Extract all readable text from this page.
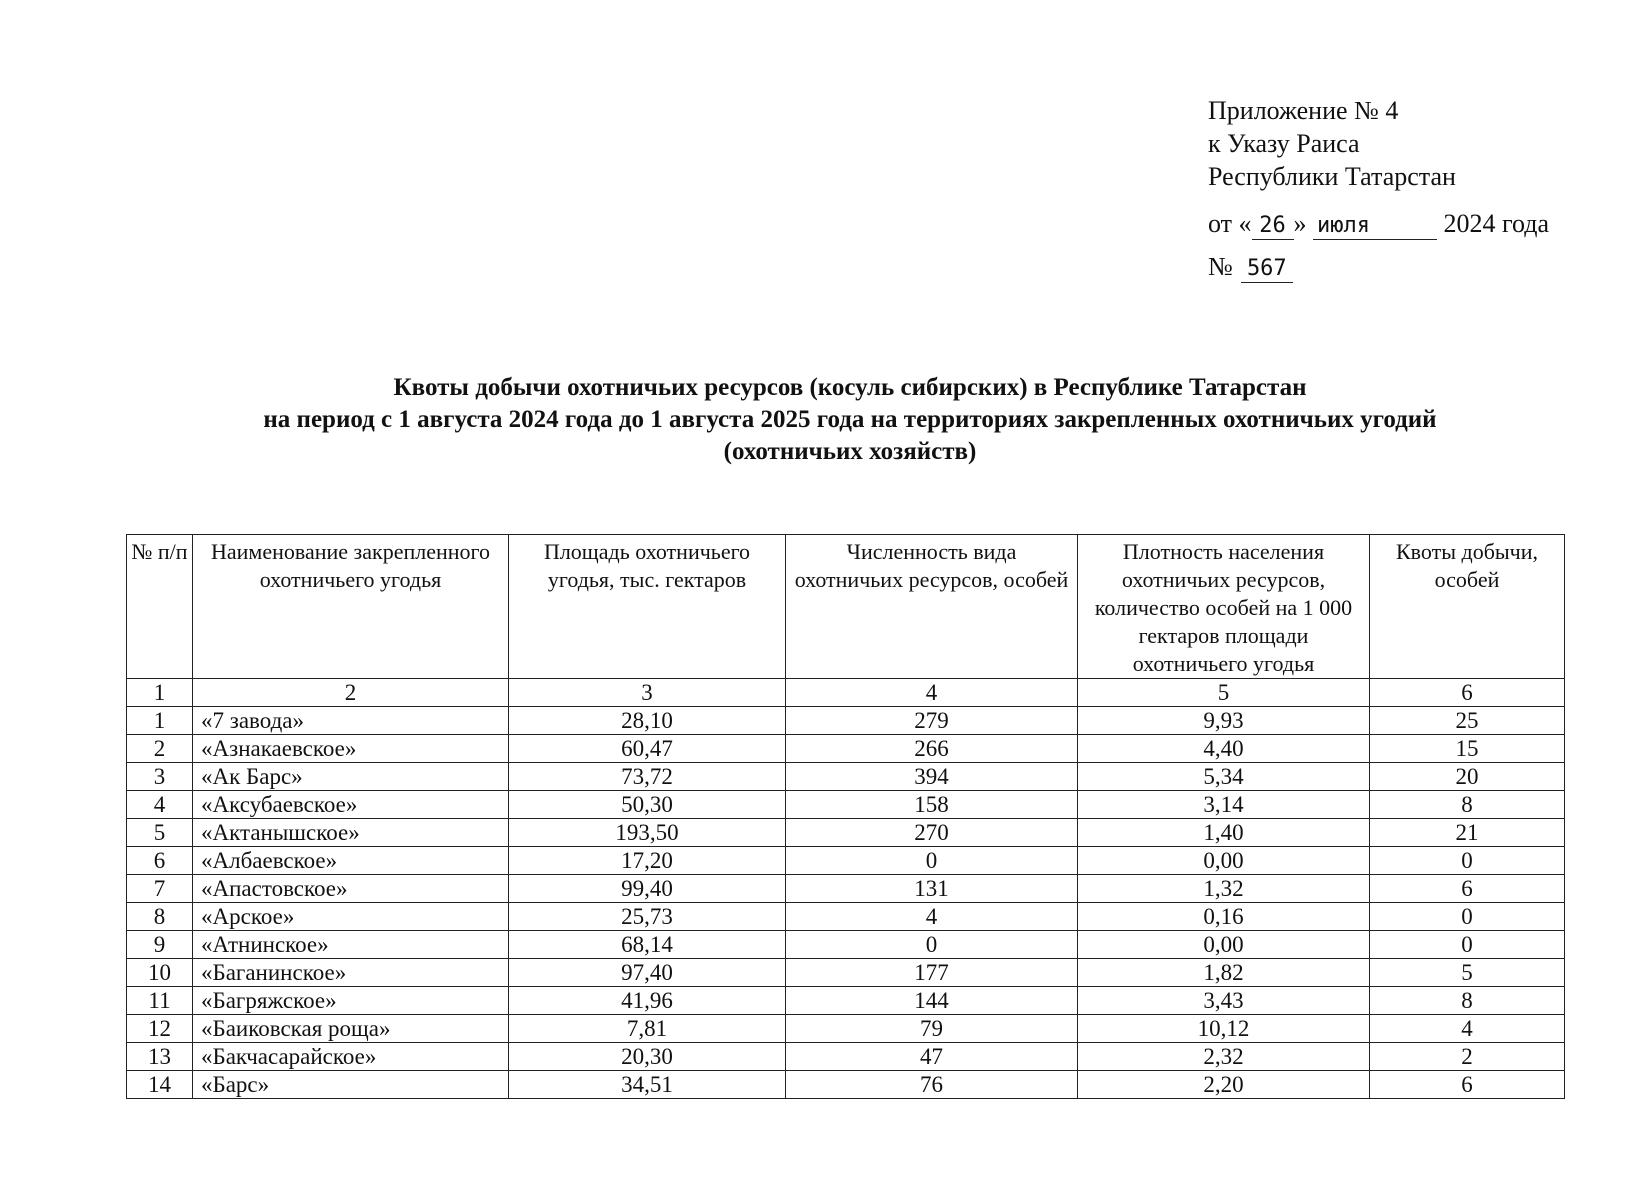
Приложение № 4
к Указу Раиса
Республики Татарстан
от « 26 » июля	2024 года
№ 567
Квоты добычи охотничьих ресурсов (косуль сибирских) в Республике Татарстан
на период с 1 августа 2024 года до 1 августа 2025 года на территориях закрепленных охотничьих угодий
(охотничьих хозяйств)
№ п/п	Наименование закрепленного охотничьего угодья	Площадь охотничьего угодья, тыс. гектаров	Численность вида охотничьих ресурсов, особей	Плотность населения охотничьих ресурсов, количество особей на 1 000 гектаров площади охотничьего угодья	Квоты добычи, особей
1	2	3	4	5	6
1	«7 завода»	28,10	279	9,93	25
2	«Азнакаевское»	60,47	266	4,40	15
3	«Ак Барс»	73,72	394	5,34	20
4	«Аксубаевское»	50,30	158	3,14	8
5	«Актанышское»	193,50	270	1,40	21
6	«Албаевское»	17,20	0	0,00	0
7	«Апастовское»	99,40	131	1,32	6
8	«Арское»	25,73	4	0,16	0
9	«Атнинское»	68,14	0	0,00	0
10	«Баганинское»	97,40	177	1,82	5
11	«Багряжское»	41,96	144	3,43	8
12	«Баиковская роща»	7,81	79	10,12	4
13	«Бакчасарайское»	20,30	47	2,32	2
14	«Барс»	34,51	76	2,20	6
